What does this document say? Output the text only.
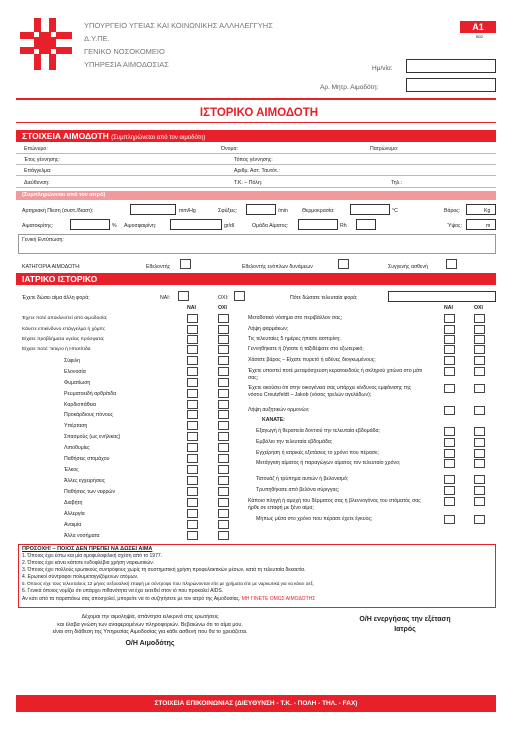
ΥΠΟΥΡΓΕΙΟ ΥΓΕΙΑΣ ΚΑΙ ΚΟΙΝΩΝΙΚΗΣ ΑΛΛΗΛΕΓΓΥΗΣ
Δ.Υ.ΠΕ.
ΓΕΝΙΚΟ ΝΟΣΟΚΟΜΕΙΟ
ΥΠΗΡΕΣΙΑ ΑΙΜΟΔΟΣΙΑΣ
A1
B02
Ημ/νία:
Αρ. Μητρ. Αιμοδότη:
ΙΣΤΟΡΙΚΟ ΑΙΜΟΔΟΤΗ
ΣΤΟΙΧΕΙΑ ΑΙΜΟΔΟΤΗ (Συμπληρώνεται από τον αιμοδότη)
Επώνυμο:	Όνομα:	Πατρώνυμο:
Έτος γέννησης:	Τόπος γέννησης:
Επάγγελμα:	Αριθμ. Αστ. Ταυτότ.:
Διεύθυνση:	Τ.Κ. – Πόλη:	Τηλ.:
(Συμπληρώνεται από τον ιατρό)
Αρτηριακή Πίεση (συστ./διαστ):	mm/Hg	Σφύξεις:	/min	Θερμοκρασία:	°C	Βάρος:	Kg
Αιματοκρίτης:	% Αιμοσφαιρίνη:	gr/dl	Ομάδα Αίματος:	Rh	Ύψος:	m
Γενική Εντύπωση:
ΚΑΤΗΓΟΡΙΑ ΑΙΜΟΔΟΤΗ:	Εθελοντής	Εθελοντής ενόπλων δυνάμεων	Συγγενής ασθενή
ΙΑΤΡΙΚΟ ΙΣΤΟΡΙΚΟ
Έχετε δώσει αίμα άλλη φορά;	ΝΑΙ:	ΟΧΙ:	Πότε δώσατε τελευταία φορά;
ΝΑΙ	ΟΧΙ	ΝΑΙ	ΟΧΙ
Έχετε ποτέ αποκλειστεί από αιμοδοσία;
Κάνετε επικίνδυνο επάγγελμα ή χόμπι;
Είχατε προβλήματα υγείας πρόσφατα;
Είχατε ποτέ: Ίκτερο ή Ηπατίτιδα
Σύφιλη
Ελονοσία
Φυματίωση
Ρευματοειδή αρθρίτιδα
Καρδιοπάθεια
Προκάρδιους πόνους
Υπέρταση
Σπασμούς (ως ενήλικας)
Λιποθυμίες
Παθήσεις στομάχου
Έλκος
Άλλες εγχειρήσεις
Παθήσεις των νεφρών
Διαβήτη
Αλλεργία
Αναιμία
Άλλα νοσήματα
Μεταδοτικό νόσημα στο περιβάλλον σας;
Λήψη φαρμάκων;
Τις τελευταίες 5 ημέρες ήπιατε ασπιρίνη;
Γεννηθήκατε ή ζήσατε ή ταξιδέψατε στο εξωτερικό;
Χάσατε βάρος – Είχατε πυρετό ή αδένες διογκωμένους;
Έχετε υποστεί ποτέ μεταμόσχευση κερατοειδούς ή σκληρού χιτώνα στο μάτι σας;
Έχετε ακούσει ότι στην οικογένεια σας υπάρχει κίνδυνος εμφάνισης της νόσου Creutzfeldt – Jakob (νόσος τρελών αγελάδων);
Λήψη αυξητικών ορμονών;
ΚΑΝΑΤΕ:
Εξαγωγή ή θεραπεία δοντιού την τελευταία εβδομάδα;
Εμβόλιο την τελευταία εβδομάδα;
Εγχείρηση ή ιατρικές εξετάσεις το χρόνο που πέρασε;
Μετάγγιση αίματος ή παραγώγων αίματος τον τελευταίο χρόνο;
Τατουάζ ή τρύπημα αυτιών ή βελονισμό;
Τρυπηθήκατε από βελόνα σύριγγας;
Κάποιο πληγή ή αμυχή του δέρματος σας ή βλεννογόνος του στόματός σας ήρθε σε επαφή με ξένο αίμα;
Μήπως μέσα στο χρόνο που πέρασε έχετε έγκυος;
ΠΡΟΣΟΧΗ! – ΠΟΙΟΣ ΔΕΝ ΠΡΕΠΕΙ ΝΑ ΔΩΣΕΙ ΑΙΜΑ
1. Όποιος έχει έστω και μία ομοφυλοφιλική σχέση από το 1977.
2. Όποιος έχει κάνει κάποτε ενδοφλέβια χρήση ναρκωτικών.
3. Όποιος έχει πολλούς ερωτικούς συντρόφους χωρίς τη συστηματική χρήση προφυλακτικών μέσων, κατά τη τελευταία δεκαετία.
4. Ερωτικοί σύντροφοι πολυμεταγγιζόμενων ατόμων.
5. Όποιος είχε τους τελευταίους 12 μήνες σεξουαλική επαφή με σύντροφο που πληρώνονταν είτε με χρήματα είτε με ναρκωτικά για να κάνει σεξ.
6. Γενικά όποιος νομίζει ότι υπάρχει πιθανότητα να έχει εκτεθεί στον ιό που προκαλεί AIDS.
Αν κάτι από τα παραπάνω σας αποσχολεί, μπορείτε να το συζητήσετε με τον ιατρό της Αιμοδοσίας. ΜΗ ΓΙΝΕΤΕ ΟΜΩΣ ΑΙΜΟΔΟΤΗΣ
Δέχομαι την αιμοληψία, απάντησα ειλικρινά στις ερωτήσεις
και έλαβα γνώση των αναφερομένων πληροφοριών. Βεβαιώνω ότι το αίμα μου,
είναι στη διάθεση της Υπηρεσίας Αιμοδοσίας για κάθε ασθενή που θα το χρειάζεται.
Ο/Η Αιμοδότης
Ο/Η ενεργήσας την εξέταση
Ιατρός
ΣΤΟΙΧΕΙΑ ΕΠΙΚΟΙΝΩΝΙΑΣ (ΔΙΕΥΘΥΝΣΗ - Τ.Κ. - ΠΟΛΗ - ΤΗΛ. - FAX)
